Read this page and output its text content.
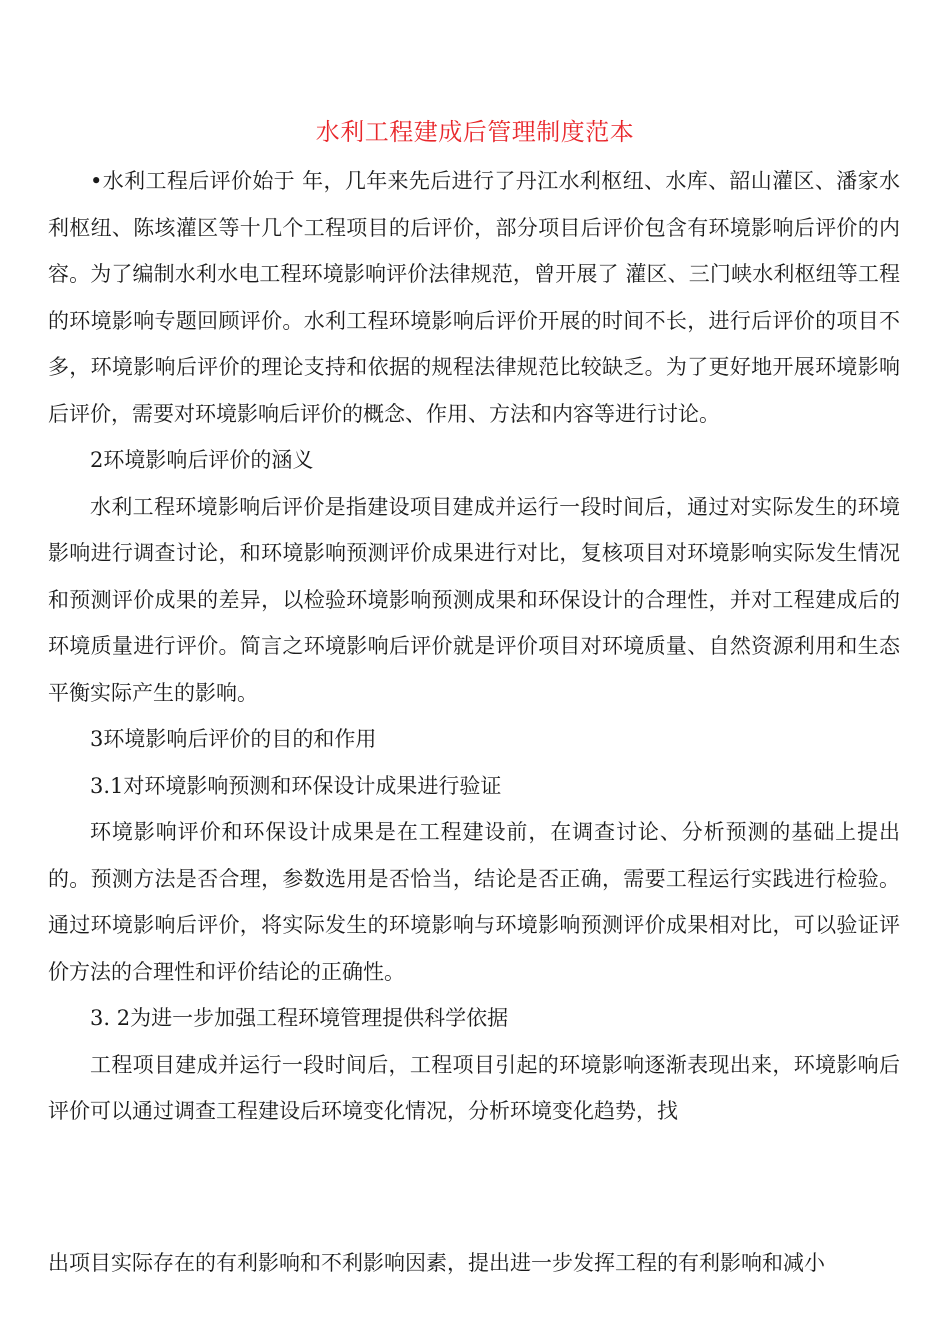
水利工程建成后管理制度范本

•水利工程后评价始于 年，几年来先后进行了丹江水利枢纽、水库、韶山灌区、潘家水利枢纽、陈垓灌区等十几个工程项目的后评价，部分项目后评价包含有环境影响后评价的内容。为了编制水利水电工程环境影响评价法律规范，曾开展了 灌区、三门峡水利枢纽等工程的环境影响专题回顾评价。水利工程环境影响后评价开展的时间不长，进行后评价的项目不多，环境影响后评价的理论支持和依据的规程法律规范比较缺乏。为了更好地开展环境影响后评价，需要对环境影响后评价的概念、作用、方法和内容等进行讨论。

2环境影响后评价的涵义

水利工程环境影响后评价是指建设项目建成并运行一段时间后，通过对实际发生的环境影响进行调查讨论，和环境影响预测评价成果进行对比，复核项目对环境影响实际发生情况和预测评价成果的差异，以检验环境影响预测成果和环保设计的合理性，并对工程建成后的环境质量进行评价。简言之环境影响后评价就是评价项目对环境质量、自然资源利用和生态平衡实际产生的影响。

3环境影响后评价的目的和作用

3.1对环境影响预测和环保设计成果进行验证

环境影响评价和环保设计成果是在工程建设前，在调查讨论、分析预测的基础上提出的。预测方法是否合理，参数选用是否恰当，结论是否正确，需要工程运行实践进行检验。通过环境影响后评价，将实际发生的环境影响与环境影响预测评价成果相对比，可以验证评价方法的合理性和评价结论的正确性。

3. 2为进一步加强工程环境管理提供科学依据

工程项目建成并运行一段时间后，工程项目引起的环境影响逐渐表现出来，环境影响后评价可以通过调查工程建设后环境变化情况，分析环境变化趋势，找

出项目实际存在的有利影响和不利影响因素，提出进一步发挥工程的有利影响和减小
